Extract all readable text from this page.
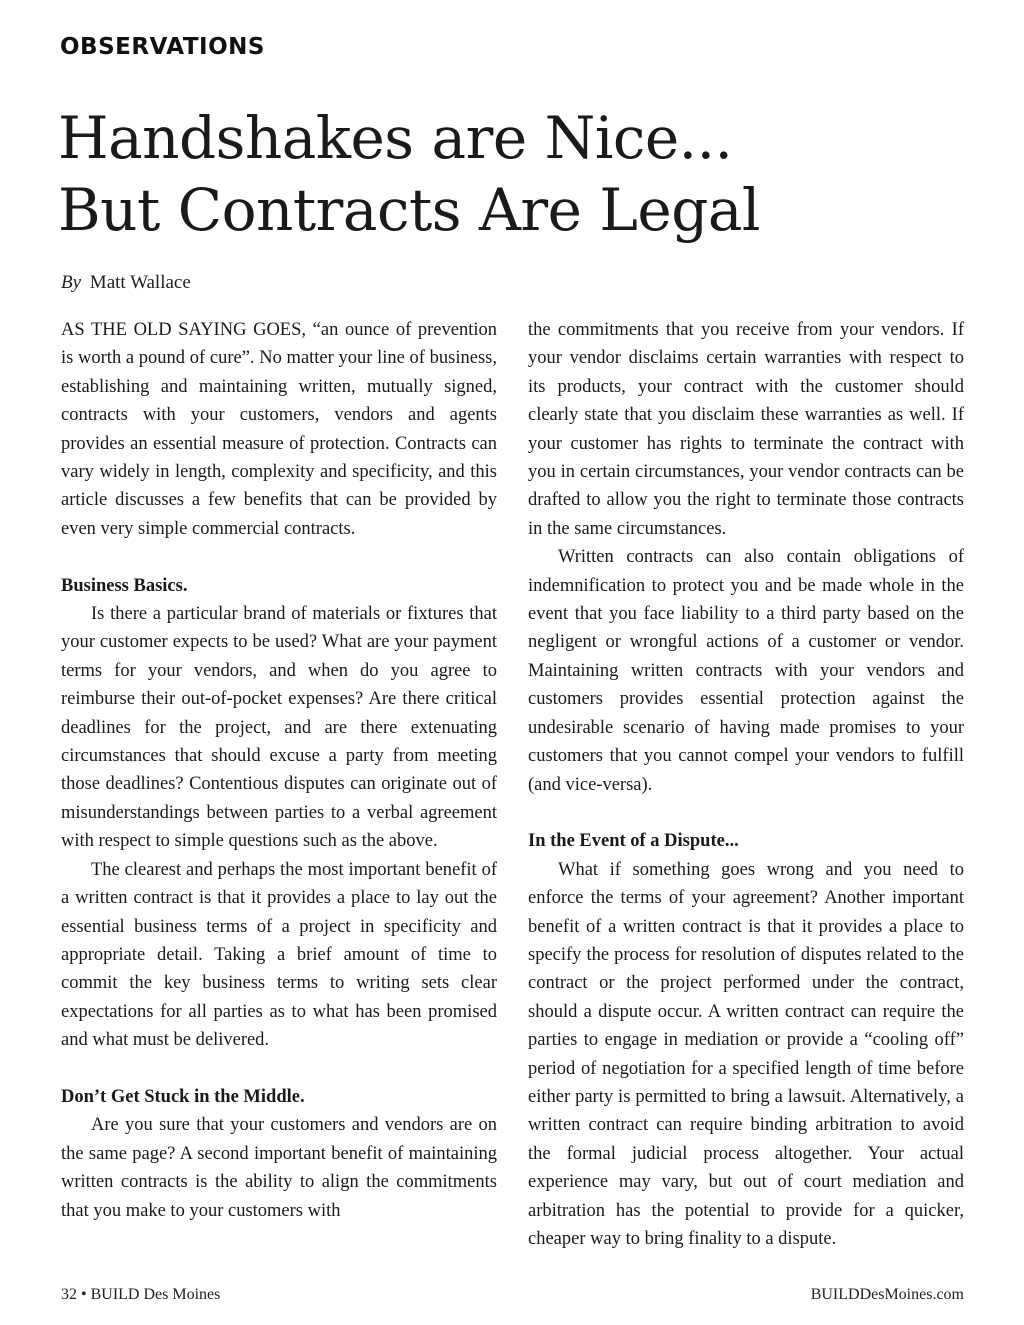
OBSERVATIONS
Handshakes are Nice...
But Contracts Are Legal
By Matt Wallace

AS THE OLD SAYING GOES, “an ounce of prevention is worth a pound of cure”. No matter your line of business, establishing and maintaining written, mutually signed, contracts with your customers, vendors and agents provides an essential measure of protection. Contracts can vary widely in length, complexity and specificity, and this article discusses a few benefits that can be provided by even very simple commercial contracts.

Business Basics.

Is there a particular brand of materials or fixtures that your customer expects to be used? What are your payment terms for your vendors, and when do you agree to reimburse their out-of-pocket expenses? Are there critical deadlines for the project, and are there extenuating circumstances that should excuse a party from meeting those deadlines? Contentious disputes can originate out of misunderstandings between parties to a verbal agreement with respect to simple questions such as the above.

The clearest and perhaps the most important benefit of a written contract is that it provides a place to lay out the essential business terms of a project in specificity and appropriate detail. Taking a brief amount of time to commit the key business terms to writing sets clear expectations for all parties as to what has been promised and what must be delivered.

Don’t Get Stuck in the Middle.

Are you sure that your customers and vendors are on the same page? A second important benefit of maintaining written contracts is the ability to align the commitments that you make to your customers with

the commitments that you receive from your vendors. If your vendor disclaims certain warranties with respect to its products, your contract with the customer should clearly state that you disclaim these warranties as well. If your customer has rights to terminate the contract with you in certain circumstances, your vendor contracts can be drafted to allow you the right to terminate those contracts in the same circumstances.

Written contracts can also contain obligations of indemnification to protect you and be made whole in the event that you face liability to a third party based on the negligent or wrongful actions of a customer or vendor. Maintaining written contracts with your vendors and customers provides essential protection against the undesirable scenario of having made promises to your customers that you cannot compel your vendors to fulfill (and vice-versa).

In the Event of a Dispute...

What if something goes wrong and you need to enforce the terms of your agreement? Another important benefit of a written contract is that it provides a place to specify the process for resolution of disputes related to the contract or the project performed under the contract, should a dispute occur. A written contract can require the parties to engage in mediation or provide a “cooling off” period of negotiation for a specified length of time before either party is permitted to bring a lawsuit. Alternatively, a written contract can require binding arbitration to avoid the formal judicial process altogether. Your actual experience may vary, but out of court mediation and arbitration has the potential to provide for a quicker, cheaper way to bring finality to a dispute.

32 • BUILD Des Moines	BUILDDesMoines.com
